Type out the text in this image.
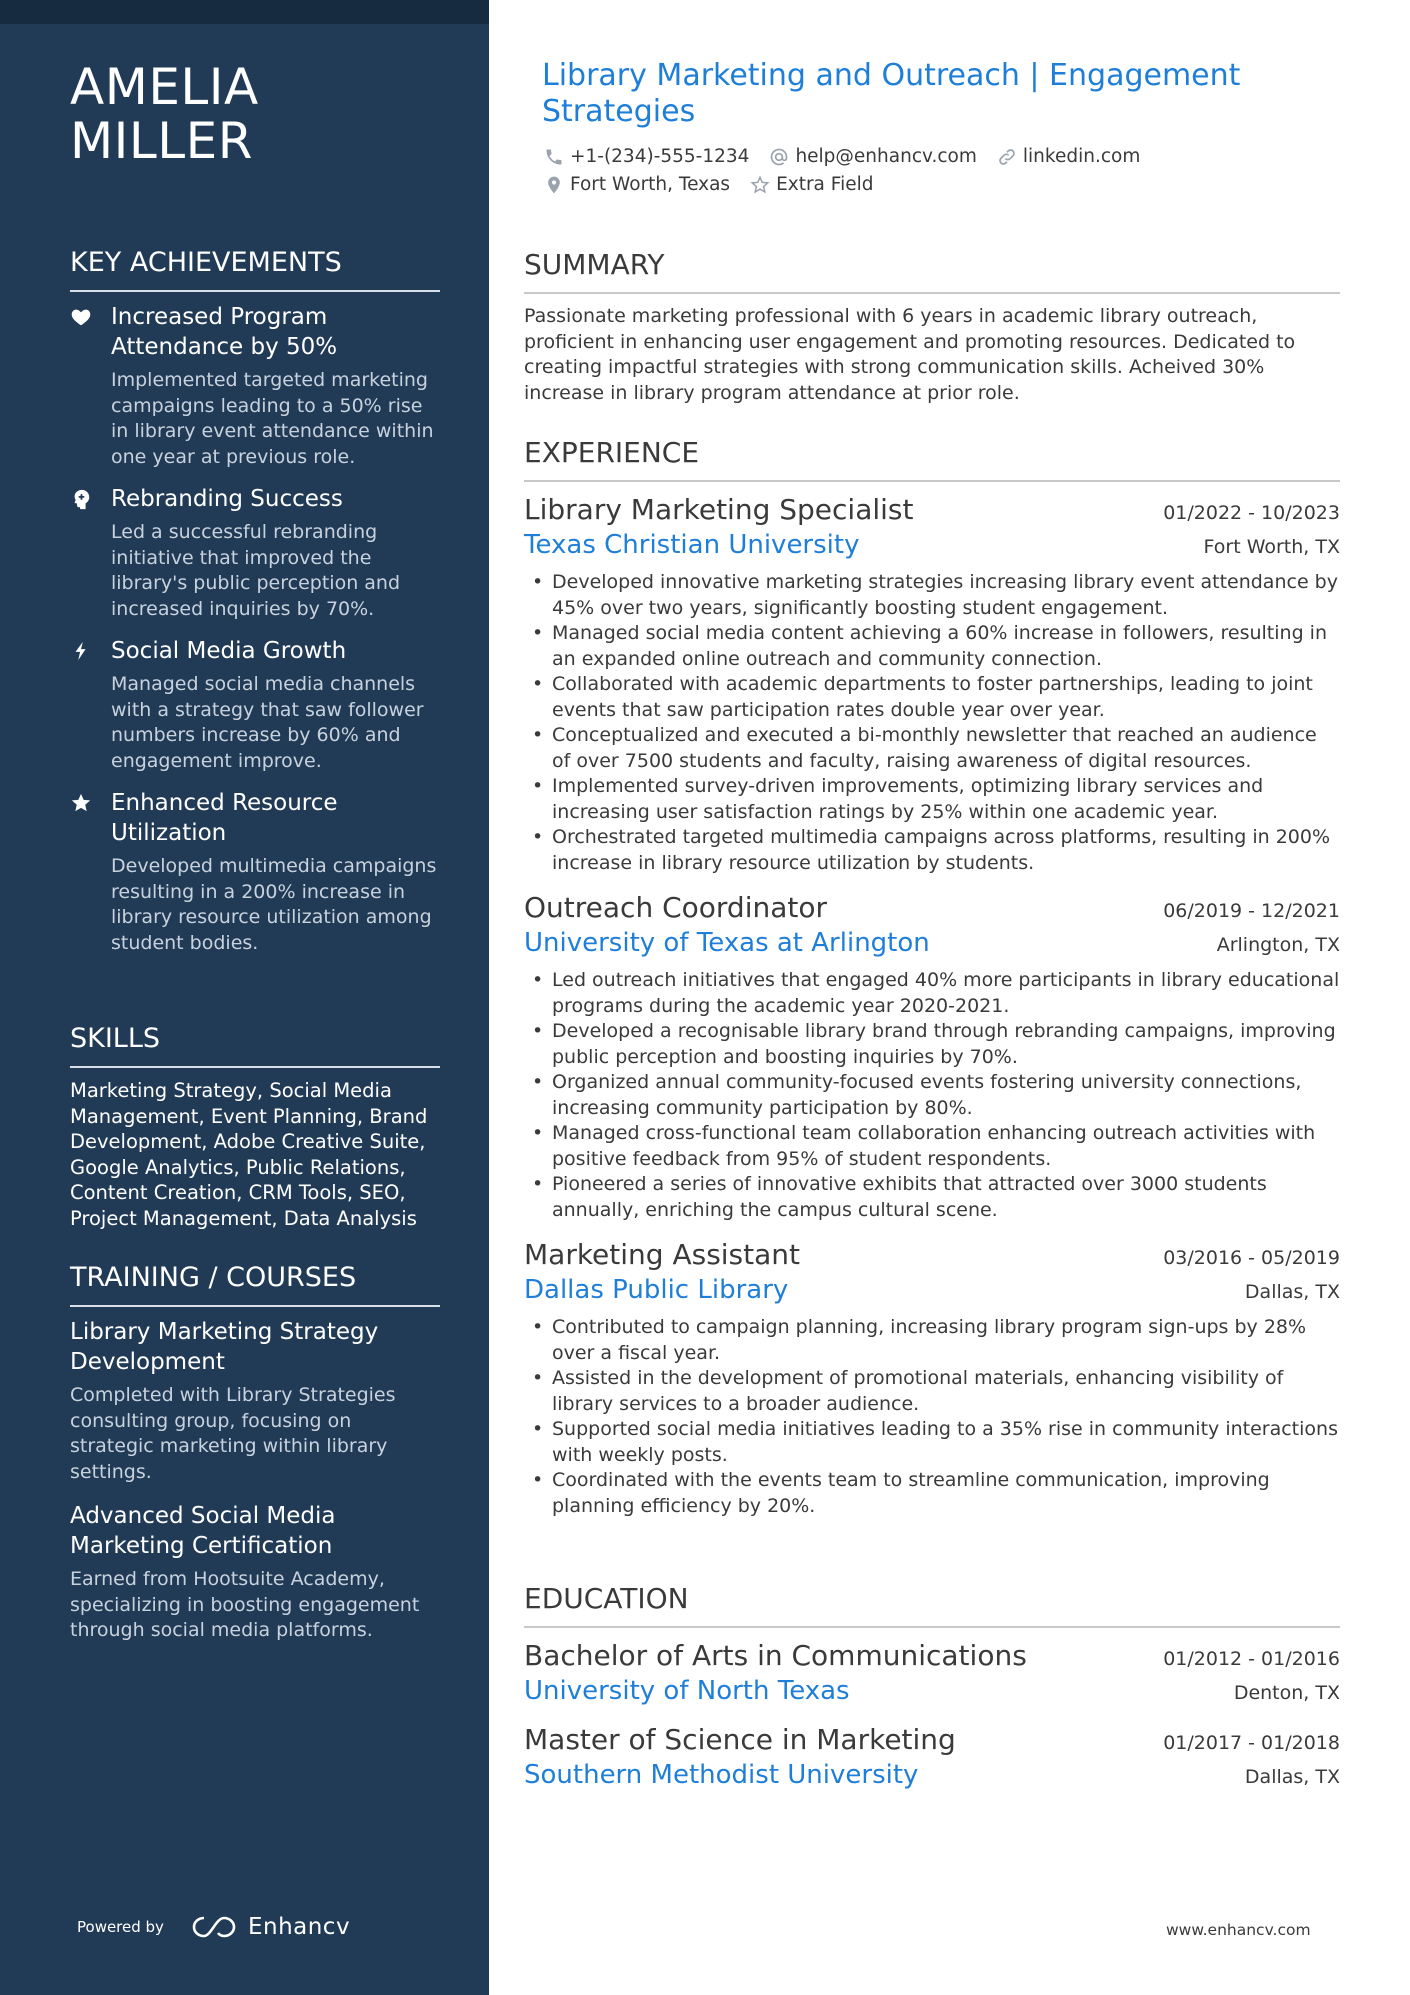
AMELIA
MILLER
KEY ACHIEVEMENTS
Increased Program Attendance by 50%
Implemented targeted marketing campaigns leading to a 50% rise in library event attendance within one year at previous role.
Rebranding Success
Led a successful rebranding initiative that improved the library's public perception and increased inquiries by 70%.
Social Media Growth
Managed social media channels with a strategy that saw follower numbers increase by 60% and engagement improve.
Enhanced Resource Utilization
Developed multimedia campaigns resulting in a 200% increase in library resource utilization among student bodies.
SKILLS
Marketing Strategy, Social Media Management, Event Planning, Brand Development, Adobe Creative Suite, Google Analytics, Public Relations, Content Creation, CRM Tools, SEO, Project Management, Data Analysis
TRAINING / COURSES
Library Marketing Strategy Development
Completed with Library Strategies consulting group, focusing on strategic marketing within library settings.
Advanced Social Media Marketing Certification
Earned from Hootsuite Academy, specializing in boosting engagement through social media platforms.
Powered by	Enhancv
Library Marketing and Outreach | Engagement Strategies
+1-(234)-555-1234 help@enhancv.com linkedin.com
Fort Worth, Texas Extra Field
SUMMARY
Passionate marketing professional with 6 years in academic library outreach, proficient in enhancing user engagement and promoting resources. Dedicated to creating impactful strategies with strong communication skills. Acheived 30% increase in library program attendance at prior role.
EXPERIENCE
Library Marketing Specialist	01/2022 - 10/2023
Texas Christian University	Fort Worth, TX
• Developed innovative marketing strategies increasing library event attendance by 45% over two years, significantly boosting student engagement.
• Managed social media content achieving a 60% increase in followers, resulting in an expanded online outreach and community connection.
• Collaborated with academic departments to foster partnerships, leading to joint events that saw participation rates double year over year.
• Conceptualized and executed a bi-monthly newsletter that reached an audience of over 7500 students and faculty, raising awareness of digital resources.
• Implemented survey-driven improvements, optimizing library services and increasing user satisfaction ratings by 25% within one academic year.
• Orchestrated targeted multimedia campaigns across platforms, resulting in 200% increase in library resource utilization by students.
Outreach Coordinator	06/2019 - 12/2021
University of Texas at Arlington	Arlington, TX
• Led outreach initiatives that engaged 40% more participants in library educational programs during the academic year 2020-2021.
• Developed a recognisable library brand through rebranding campaigns, improving public perception and boosting inquiries by 70%.
• Organized annual community-focused events fostering university connections, increasing community participation by 80%.
• Managed cross-functional team collaboration enhancing outreach activities with positive feedback from 95% of student respondents.
• Pioneered a series of innovative exhibits that attracted over 3000 students annually, enriching the campus cultural scene.
Marketing Assistant	03/2016 - 05/2019
Dallas Public Library	Dallas, TX
• Contributed to campaign planning, increasing library program sign-ups by 28% over a fiscal year.
• Assisted in the development of promotional materials, enhancing visibility of library services to a broader audience.
• Supported social media initiatives leading to a 35% rise in community interactions with weekly posts.
• Coordinated with the events team to streamline communication, improving planning efficiency by 20%.
EDUCATION
Bachelor of Arts in Communications	01/2012 - 01/2016
University of North Texas	Denton, TX
Master of Science in Marketing	01/2017 - 01/2018
Southern Methodist University	Dallas, TX
www.enhancv.com
